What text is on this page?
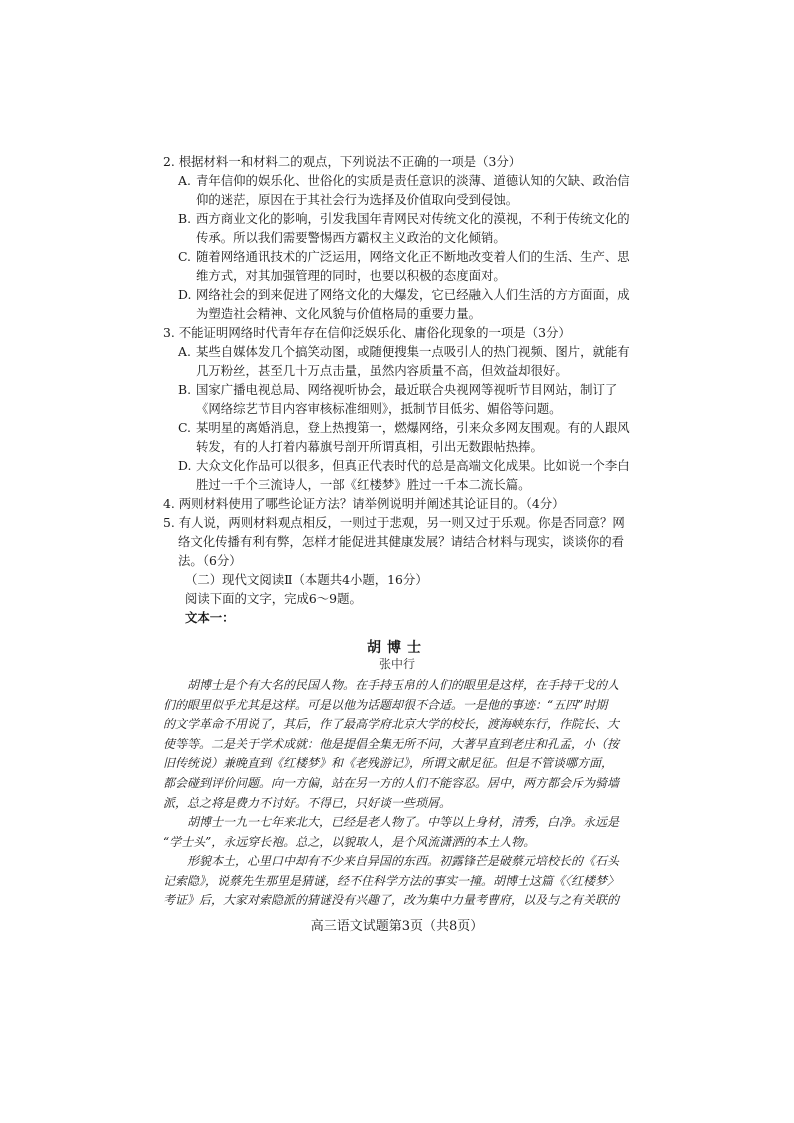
2. 根据材料一和材料二的观点，下列说法不正确的一项是（3分）
A. 青年信仰的娱乐化、世俗化的实质是责任意识的淡薄、道德认知的欠缺、政治信
仰的迷茫，原因在于其社会行为选择及价值取向受到侵蚀。
B. 西方商业文化的影响，引发我国年青网民对传统文化的漠视，不利于传统文化的
传承。所以我们需要警惕西方霸权主义政治的文化倾销。
C. 随着网络通讯技术的广泛运用，网络文化正不断地改变着人们的生活、生产、思
维方式，对其加强管理的同时，也要以积极的态度面对。
D. 网络社会的到来促进了网络文化的大爆发，它已经融入人们生活的方方面面，成
为塑造社会精神、文化风貌与价值格局的重要力量。
3. 不能证明网络时代青年存在信仰泛娱乐化、庸俗化现象的一项是（3分）
A. 某些自媒体发几个搞笑动图，或随便搜集一点吸引人的热门视频、图片，就能有
几万粉丝，甚至几十万点击量，虽然内容质量不高，但效益却很好。
B. 国家广播电视总局、网络视听协会，最近联合央视网等视听节目网站，制订了
《网络综艺节目内容审核标准细则》，抵制节目低劣、媚俗等问题。
C. 某明星的离婚消息，登上热搜第一，燃爆网络，引来众多网友围观。有的人跟风
转发，有的人打着内幕旗号剖开所谓真相，引出无数跟帖热捧。
D. 大众文化作品可以很多，但真正代表时代的总是高端文化成果。比如说一个李白
胜过一千个三流诗人，一部《红楼梦》胜过一千本二流长篇。
4. 两则材料使用了哪些论证方法？请举例说明并阐述其论证目的。（4分）
5. 有人说，两则材料观点相反，一则过于悲观，另一则又过于乐观。你是否同意？网
络文化传播有利有弊，怎样才能促进其健康发展？请结合材料与现实，谈谈你的看
法。（6分）
（二）现代文阅读Ⅱ（本题共4小题，16分）
阅读下面的文字，完成6～9题。
文本一：
胡博士
张中行
胡博士是个有大名的民国人物。在手持玉帛的人们的眼里是这样，在手持干戈的人
们的眼里似乎尤其是这样。可是以他为话题却很不合适。一是他的事迹：“五四”时期
的文学革命不用说了，其后，作了最高学府北京大学的校长，渡海峡东行，作院长、大
使等等。二是关于学术成就：他是提倡全集无所不问，大著早直到老庄和孔孟，小（按
旧传统说）兼晚直到《红楼梦》和《老残游记》，所谓文献足征。但是不管谈哪方面，
都会碰到评价问题。向一方偏，站在另一方的人们不能容忍。居中，两方都会斥为骑墙
派，总之将是费力不讨好。不得已，只好谈一些琐屑。
胡博士一九一七年来北大，已经是老人物了。中等以上身材，清秀，白净。永远是
“学士头”，永远穿长袍。总之，以貌取人，是个风流潇洒的本土人物。
形貌本土，心里口中却有不少来自异国的东西。初露锋芒是破蔡元培校长的《石头
记索隐》，说蔡先生那里是猜谜，经不住科学方法的事实一撞。胡博士这篇《〈红楼梦〉
考证》后，大家对索隐派的猜谜没有兴趣了，改为集中力量考曹府，以及与之有关联的
高三语文试题第3页（共8页）
